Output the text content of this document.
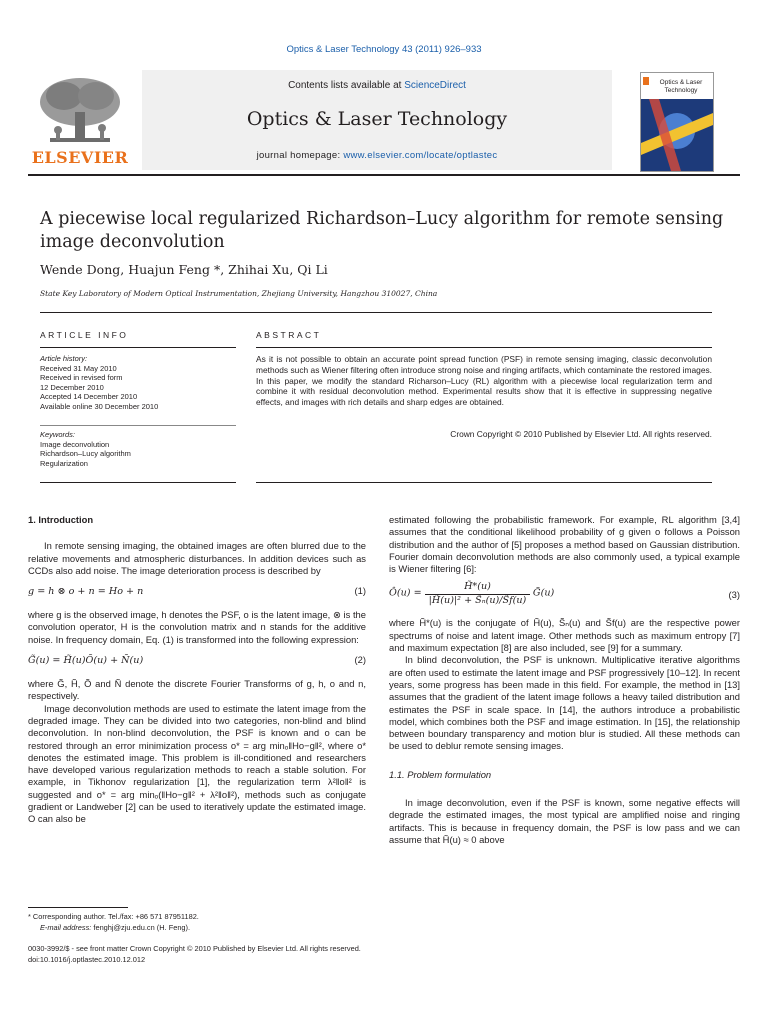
Optics & Laser Technology 43 (2011) 926–933
Contents lists available at ScienceDirect
Optics & Laser Technology
journal homepage: www.elsevier.com/locate/optlastec
ELSEVIER
Optics & Laser Technology
A piecewise local regularized Richardson–Lucy algorithm for remote sensing image deconvolution
Wende Dong, Huajun Feng *, Zhihai Xu, Qi Li
State Key Laboratory of Modern Optical Instrumentation, Zhejiang University, Hangzhou 310027, China
ARTICLE INFO	ABSTRACT
Article history:
Received 31 May 2010
Received in revised form
12 December 2010
Accepted 14 December 2010
Available online 30 December 2010
Keywords:
Image deconvolution
Richardson–Lucy algorithm
Regularization
As it is not possible to obtain an accurate point spread function (PSF) in remote sensing imaging, classic deconvolution methods such as Wiener filtering often introduce strong noise and ringing artifacts, which contaminate the restored images. In this paper, we modify the standard Richarson–Lucy (RL) algorithm with a piecewise local regularization term and combine it with residual deconvolution method. Experimental results show that it is effective in suppressing negative effects, and images with rich details and sharp edges are obtained.
Crown Copyright © 2010 Published by Elsevier Ltd. All rights reserved.
1. Introduction

In remote sensing imaging, the obtained images are often blurred due to the relative movements and atmospheric disturbances. In addition devices such as CCDs also add noise. The image deterioration process is described by

g = h ⊗ o + n = Ho + n	(1)

where g is the observed image, h denotes the PSF, o is the latent image, ⊗ is the convolution operator, H is the convolution matrix and n stands for the additive noise. In frequency domain, Eq. (1) is transformed into the following expression:

G̃(u) = H̃(u)Õ(u) + Ñ(u)	(2)

where G̃, H̃, Õ and Ñ denote the discrete Fourier Transforms of g, h, o and n, respectively.

Image deconvolution methods are used to estimate the latent image from the degraded image. They can be divided into two categories, non-blind and blind deconvolution. In non-blind deconvolution, the PSF is known and o can be restored through an error minimization process o* = arg minₒ‖Ho−g‖², where o* denotes the estimated image. This problem is ill-conditioned and researchers have developed various regularization methods to reach a stable solution. For example, in Tikhonov regularization [1], the regularization term λ²‖o‖² is suggested and o* = arg minₒ(‖Ho−g‖² + λ²‖o‖²), methods such as conjugate gradient or Landweber [2] can be used to iteratively update the estimated image. O can also be

estimated following the probabilistic framework. For example, RL algorithm [3,4] assumes that the conditional likelihood probability of g given o follows a Poisson distribution and the author of [5] proposes a method based on Gaussian distribution. Fourier domain deconvolution methods are also commonly used, a typical example is Wiener filtering [6]:

Ô(u) = $\frac{H̃*(u)}{\text{|H̃(u)|² + S̃ₙ(u)/S̃f(u)}}$ G̃(u)	(3)

where H̃*(u) is the conjugate of H̃(u), S̃ₙ(u) and S̃f(u) are the respective power spectrums of noise and latent image. Other methods such as maximum entropy [7] and maximum expectation [8] are also included, see [9] for a summary.

In blind deconvolution, the PSF is unknown. Multiplicative iterative algorithms are often used to estimate the latent image and PSF progressively [10–12]. In recent years, some progress has been made in this field. For example, the method in [13] assumes that the gradient of the latent image follows a heavy tailed distribution and estimates the PSF in scale space. In [14], the authors introduce a probabilistic model, which combines both the PSF and image estimation. In [15], the relationship between boundary transparency and motion blur is studied. All these methods can be used to deblur remote sensing images.

1.1. Problem formulation

In image deconvolution, even if the PSF is known, some negative effects will degrade the estimated images, the most typical are amplified noise and ringing artifacts. This is because in frequency domain, the PSF is low pass and we can assume that H̃(u) ≈ 0 above

* Corresponding author. Tel./fax: +86 571 87951182.
E-mail address: fenghj@zju.edu.cn (H. Feng).
0030-3992/$ - see front matter Crown Copyright © 2010 Published by Elsevier Ltd. All rights reserved.
doi:10.1016/j.optlastec.2010.12.012
